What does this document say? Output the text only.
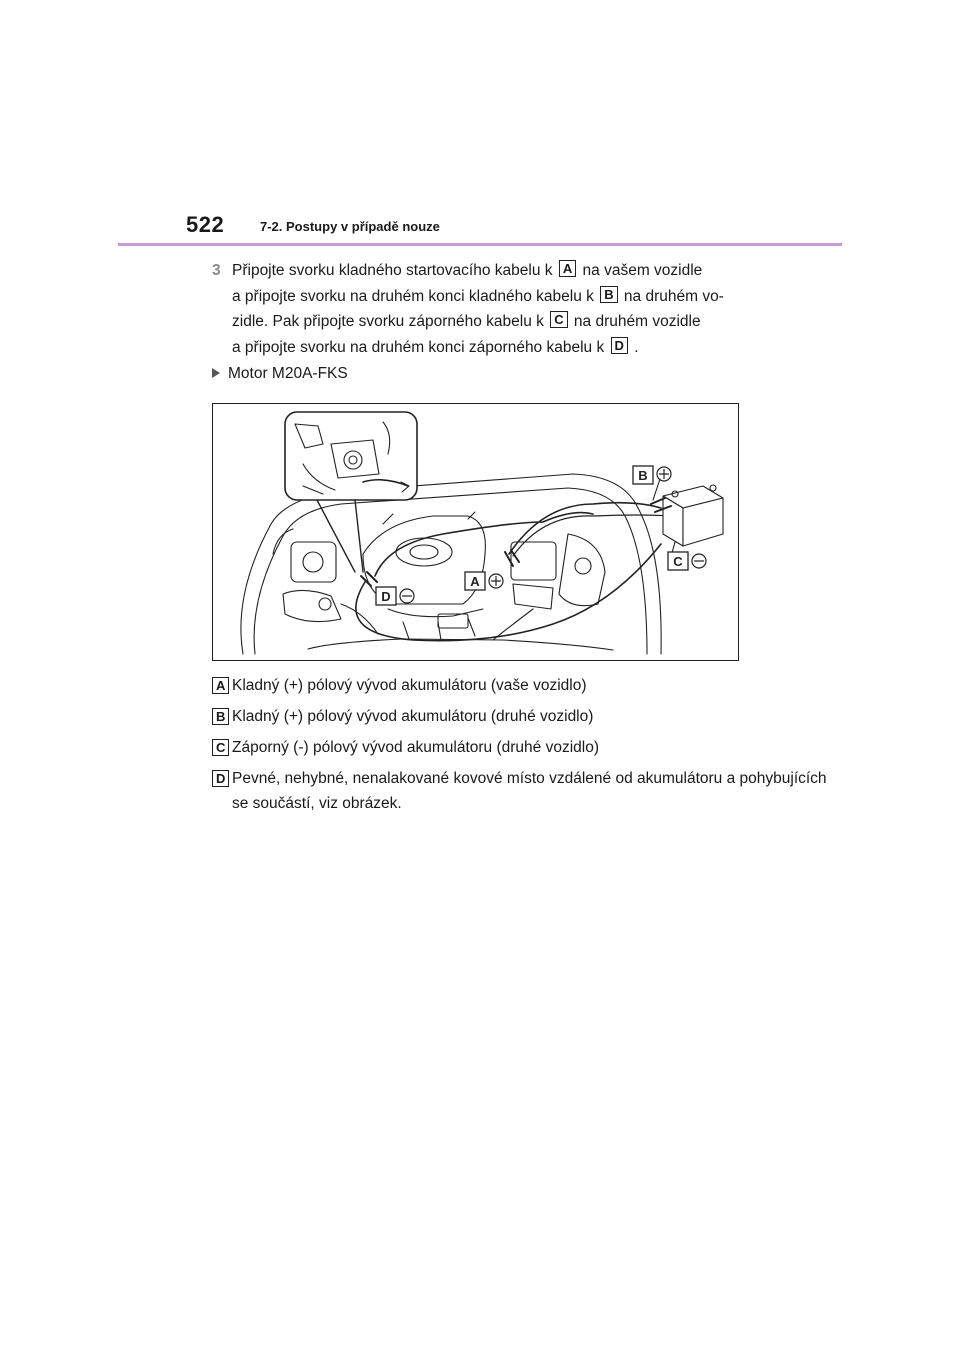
522	7-2. Postupy v případě nouze
3 Připojte svorku kladného startovacího kabelu k A na vašem vozidle
a připojte svorku na druhém konci kladného kabelu k B na druhém vo-
zidle. Pak připojte svorku záporného kabelu k C na druhém vozidle
a připojte svorku na druhém konci záporného kabelu k D .
Motor M20A-FKS
B
C
A
D
A Kladný (+) pólový vývod akumulátoru (vaše vozidlo)
B Kladný (+) pólový vývod akumulátoru (druhé vozidlo)
C Záporný (-) pólový vývod akumulátoru (druhé vozidlo)
D Pevné, nehybné, nenalakované kovové místo vzdálené od akumulátoru a pohybujících se součástí, viz obrázek.
